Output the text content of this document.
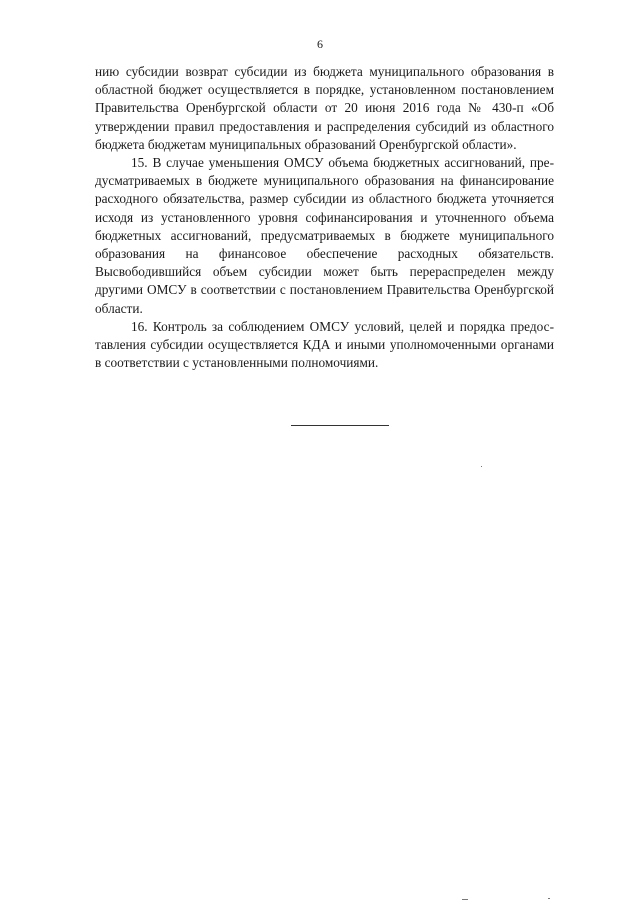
6

нию субсидии возврат субсидии из бюджета муниципального образования в областной бюджет осуществляется в порядке, установленном постановлением Правительства Оренбургской области от 20 июня 2016 года № 430-п «Об утверждении правил предоставления и распределения субсидий из областного бюджета бюджетам муниципальных образований Оренбургской области».

15. В случае уменьшения ОМСУ объема бюджетных ассигнований, предусматриваемых в бюджете муниципального образования на финансирование расходного обязательства, размер субсидии из областного бюджета уточняется исходя из установленного уровня софинансирования и уточненного объема бюджетных ассигнований, предусматриваемых в бюджете муниципального образования на финансовое обеспечение расходных обязательств. Высвободившийся объем субсидии может быть перераспределен между другими ОМСУ в соответствии с постановлением Правительства Оренбургской области.

16. Контроль за соблюдением ОМСУ условий, целей и порядка предоставления субсидии осуществляется КДА и иными уполномоченными органами в соответствии с установленными полномочиями.
